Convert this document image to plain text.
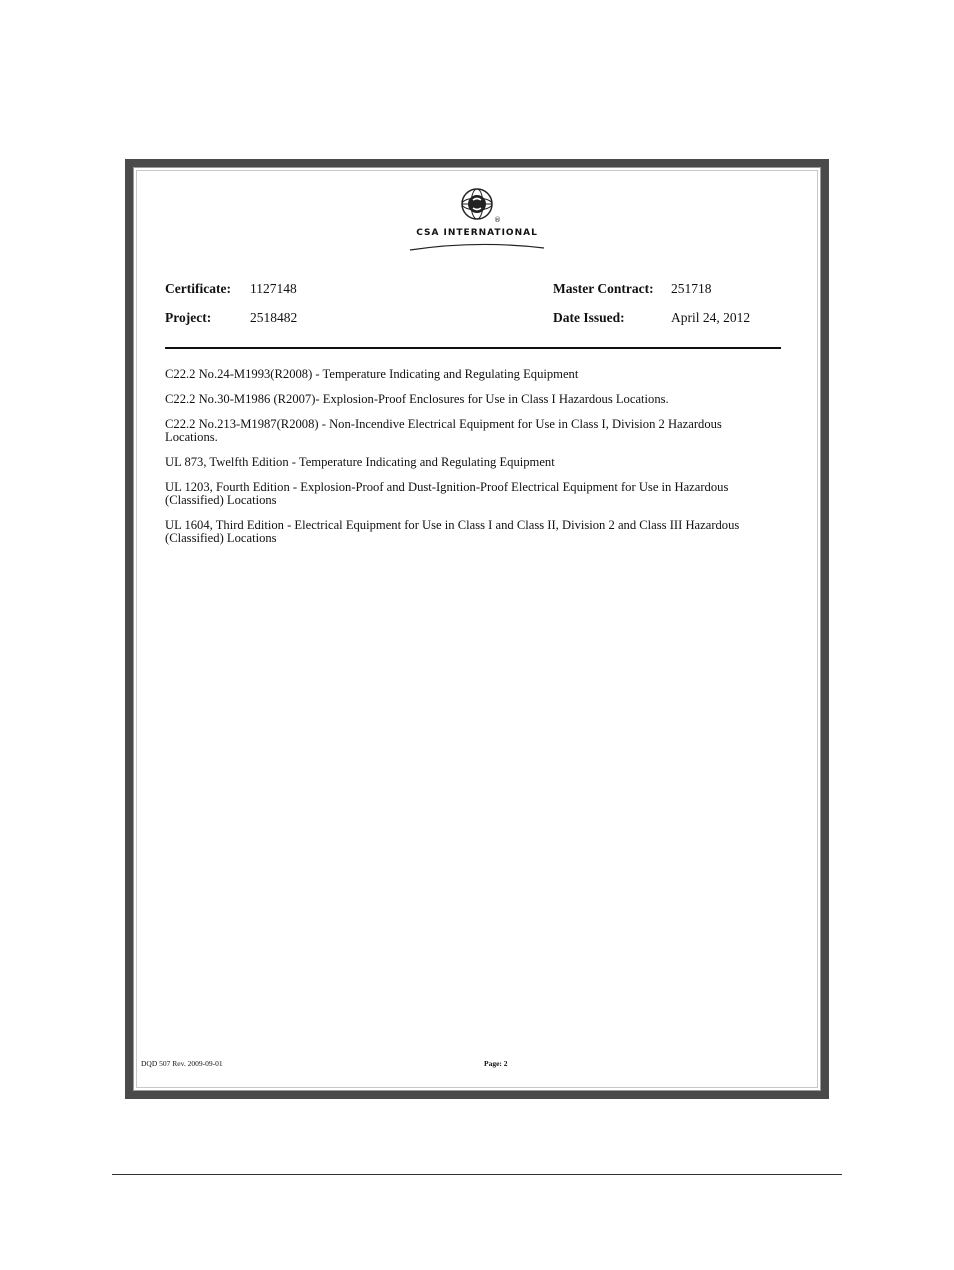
®
CSA INTERNATIONAL
Certificate: 1127148
Project:	2518482
Master Contract: 251718
Date Issued:	April 24, 2012
C22.2 No.24-M1993(R2008) - Temperature Indicating and Regulating Equipment
C22.2 No.30-M1986 (R2007)- Explosion-Proof Enclosures for Use in Class I Hazardous Locations.
C22.2 No.213-M1987(R2008) - Non-Incendive Electrical Equipment for Use in Class I, Division 2 Hazardous Locations.
UL 873, Twelfth Edition - Temperature Indicating and Regulating Equipment
UL 1203, Fourth Edition - Explosion-Proof and Dust-Ignition-Proof Electrical Equipment for Use in Hazardous (Classified) Locations
UL 1604, Third Edition - Electrical Equipment for Use in Class I and Class II, Division 2 and Class III Hazardous (Classified) Locations
DQD 507 Rev. 2009-09-01	Page: 2
